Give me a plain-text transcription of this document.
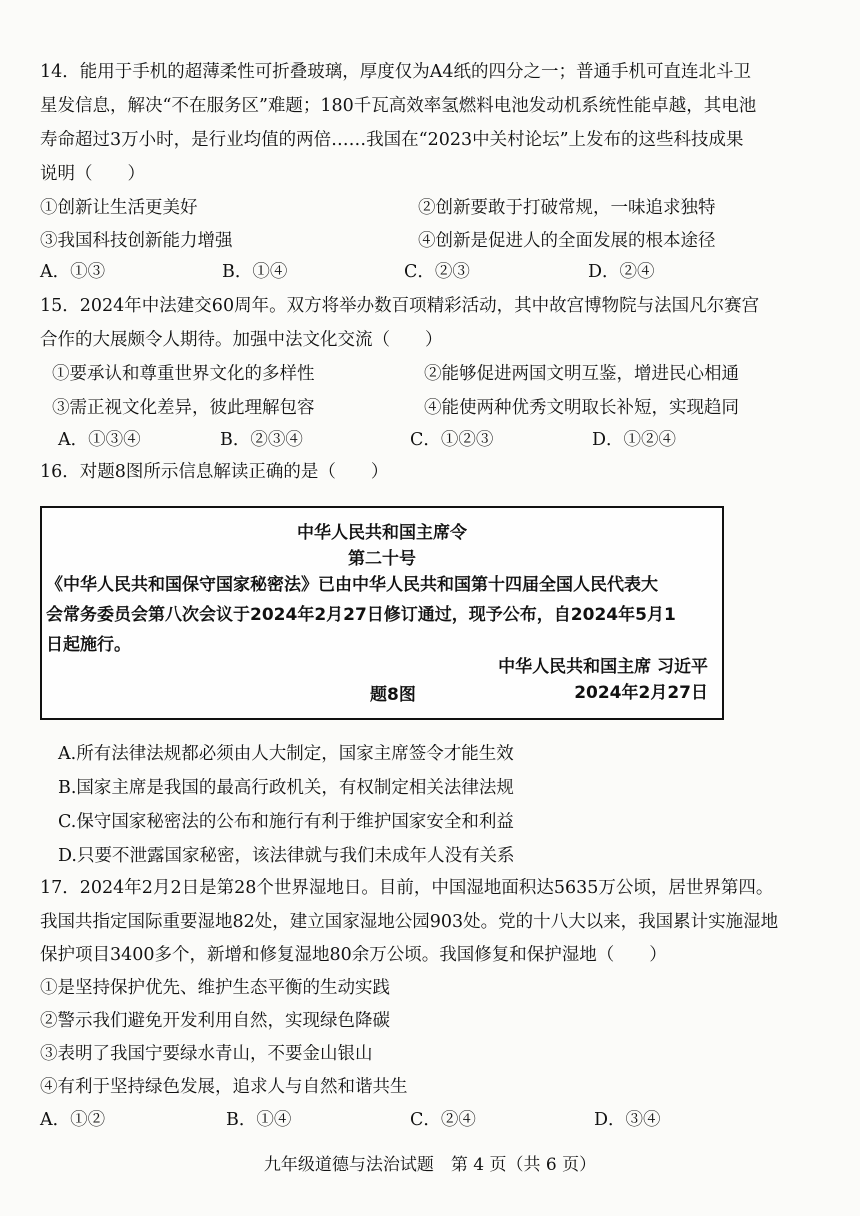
14．能用于手机的超薄柔性可折叠玻璃，厚度仅为A4纸的四分之一；普通手机可直连北斗卫
星发信息，解决“不在服务区”难题；180千瓦高效率氢燃料电池发动机系统性能卓越，其电池
寿命超过3万小时，是行业均值的两倍……我国在“2023中关村论坛”上发布的这些科技成果
说明（　　）
①创新让生活更美好	②创新要敢于打破常规，一味追求独特
③我国科技创新能力增强	④创新是促进人的全面发展的根本途径
A．①③	B．①④	C．②③	D．②④
15．2024年中法建交60周年。双方将举办数百项精彩活动，其中故宫博物院与法国凡尔赛宫
合作的大展颇令人期待。加强中法文化交流（　　）
①要承认和尊重世界文化的多样性	②能够促进两国文明互鉴，增进民心相通
③需正视文化差异，彼此理解包容	④能使两种优秀文明取长补短，实现趋同
A．①③④	B．②③④	C．①②③	D．①②④
16．对题8图所示信息解读正确的是（　　）
中华人民共和国主席令
第二十号
《中华人民共和国保守国家秘密法》已由中华人民共和国第十四届全国人民代表大
会常务委员会第八次会议于2024年2月27日修订通过，现予公布，自2024年5月1
日起施行。
中华人民共和国主席 习近平
题8图	2024年2月27日
A.所有法律法规都必须由人大制定，国家主席签令才能生效
B.国家主席是我国的最高行政机关，有权制定相关法律法规
C.保守国家秘密法的公布和施行有利于维护国家安全和利益
D.只要不泄露国家秘密，该法律就与我们未成年人没有关系
17．2024年2月2日是第28个世界湿地日。目前，中国湿地面积达5635万公顷，居世界第四。
我国共指定国际重要湿地82处，建立国家湿地公园903处。党的十八大以来，我国累计实施湿地
保护项目3400多个，新增和修复湿地80余万公顷。我国修复和保护湿地（　　）
①是坚持保护优先、维护生态平衡的生动实践
②警示我们避免开发利用自然，实现绿色降碳
③表明了我国宁要绿水青山，不要金山银山
④有利于坚持绿色发展，追求人与自然和谐共生
A．①②	B．①④	C．②④	D．③④
九年级道德与法治试题　第 4 页（共 6 页）
